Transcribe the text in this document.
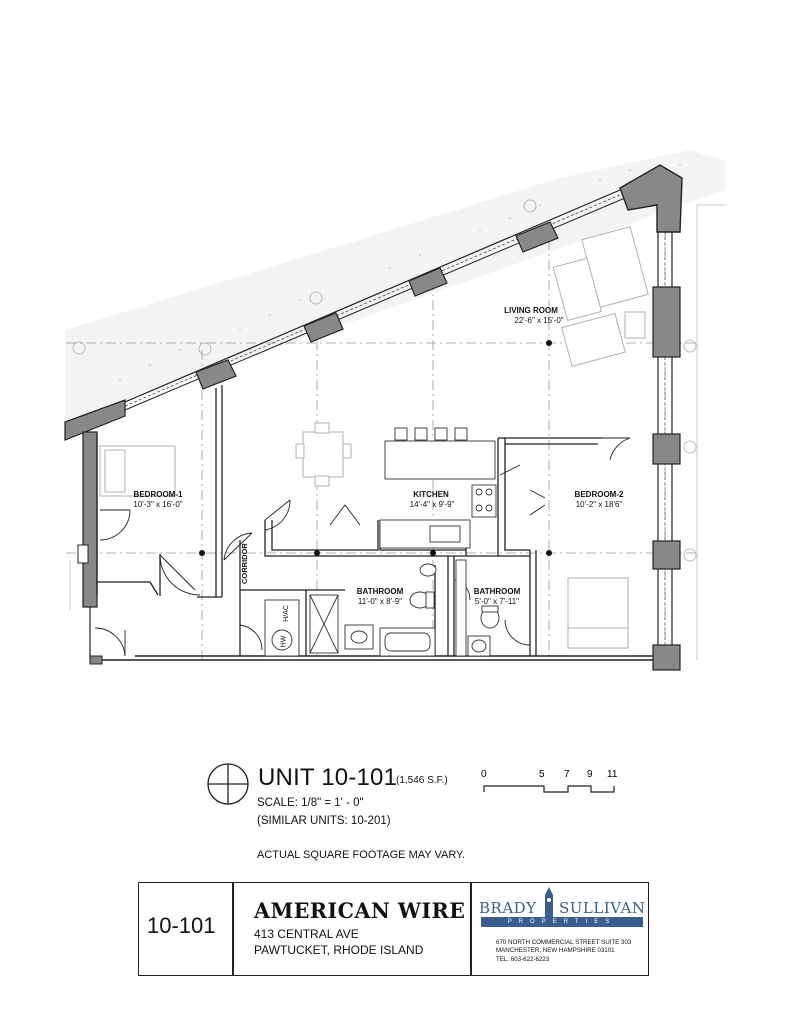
LIVING ROOM
22'-6" x 15'-0"
BEDROOM-1
10'-3" x 16'-0"
KITCHEN
14'-4" x 9'-9"
BEDROOM-2
10'-2" x 18'6"
BATHROOM
11'-0" x 8'-9"
BATHROOM
5'-0" x 7'-11"
CORRIDOR
H/AC
HW
UNIT 10-101
(1,546 S.F.)
SCALE: 1/8" = 1' - 0"
(SIMILAR UNITS: 10-201)
0	5 7 9 11
ACTUAL SQUARE FOOTAGE MAY VARY.
10-101
AMERICAN WIRE
413 CENTRAL AVE
PAWTUCKET, RHODE ISLAND
BRADY SULLIVAN
PROPERTIES
670 NORTH COMMERCIAL STREET SUITE 303
MANCHESTER, NEW HAMPSHIRE 03101
TEL: 603-622-6223
